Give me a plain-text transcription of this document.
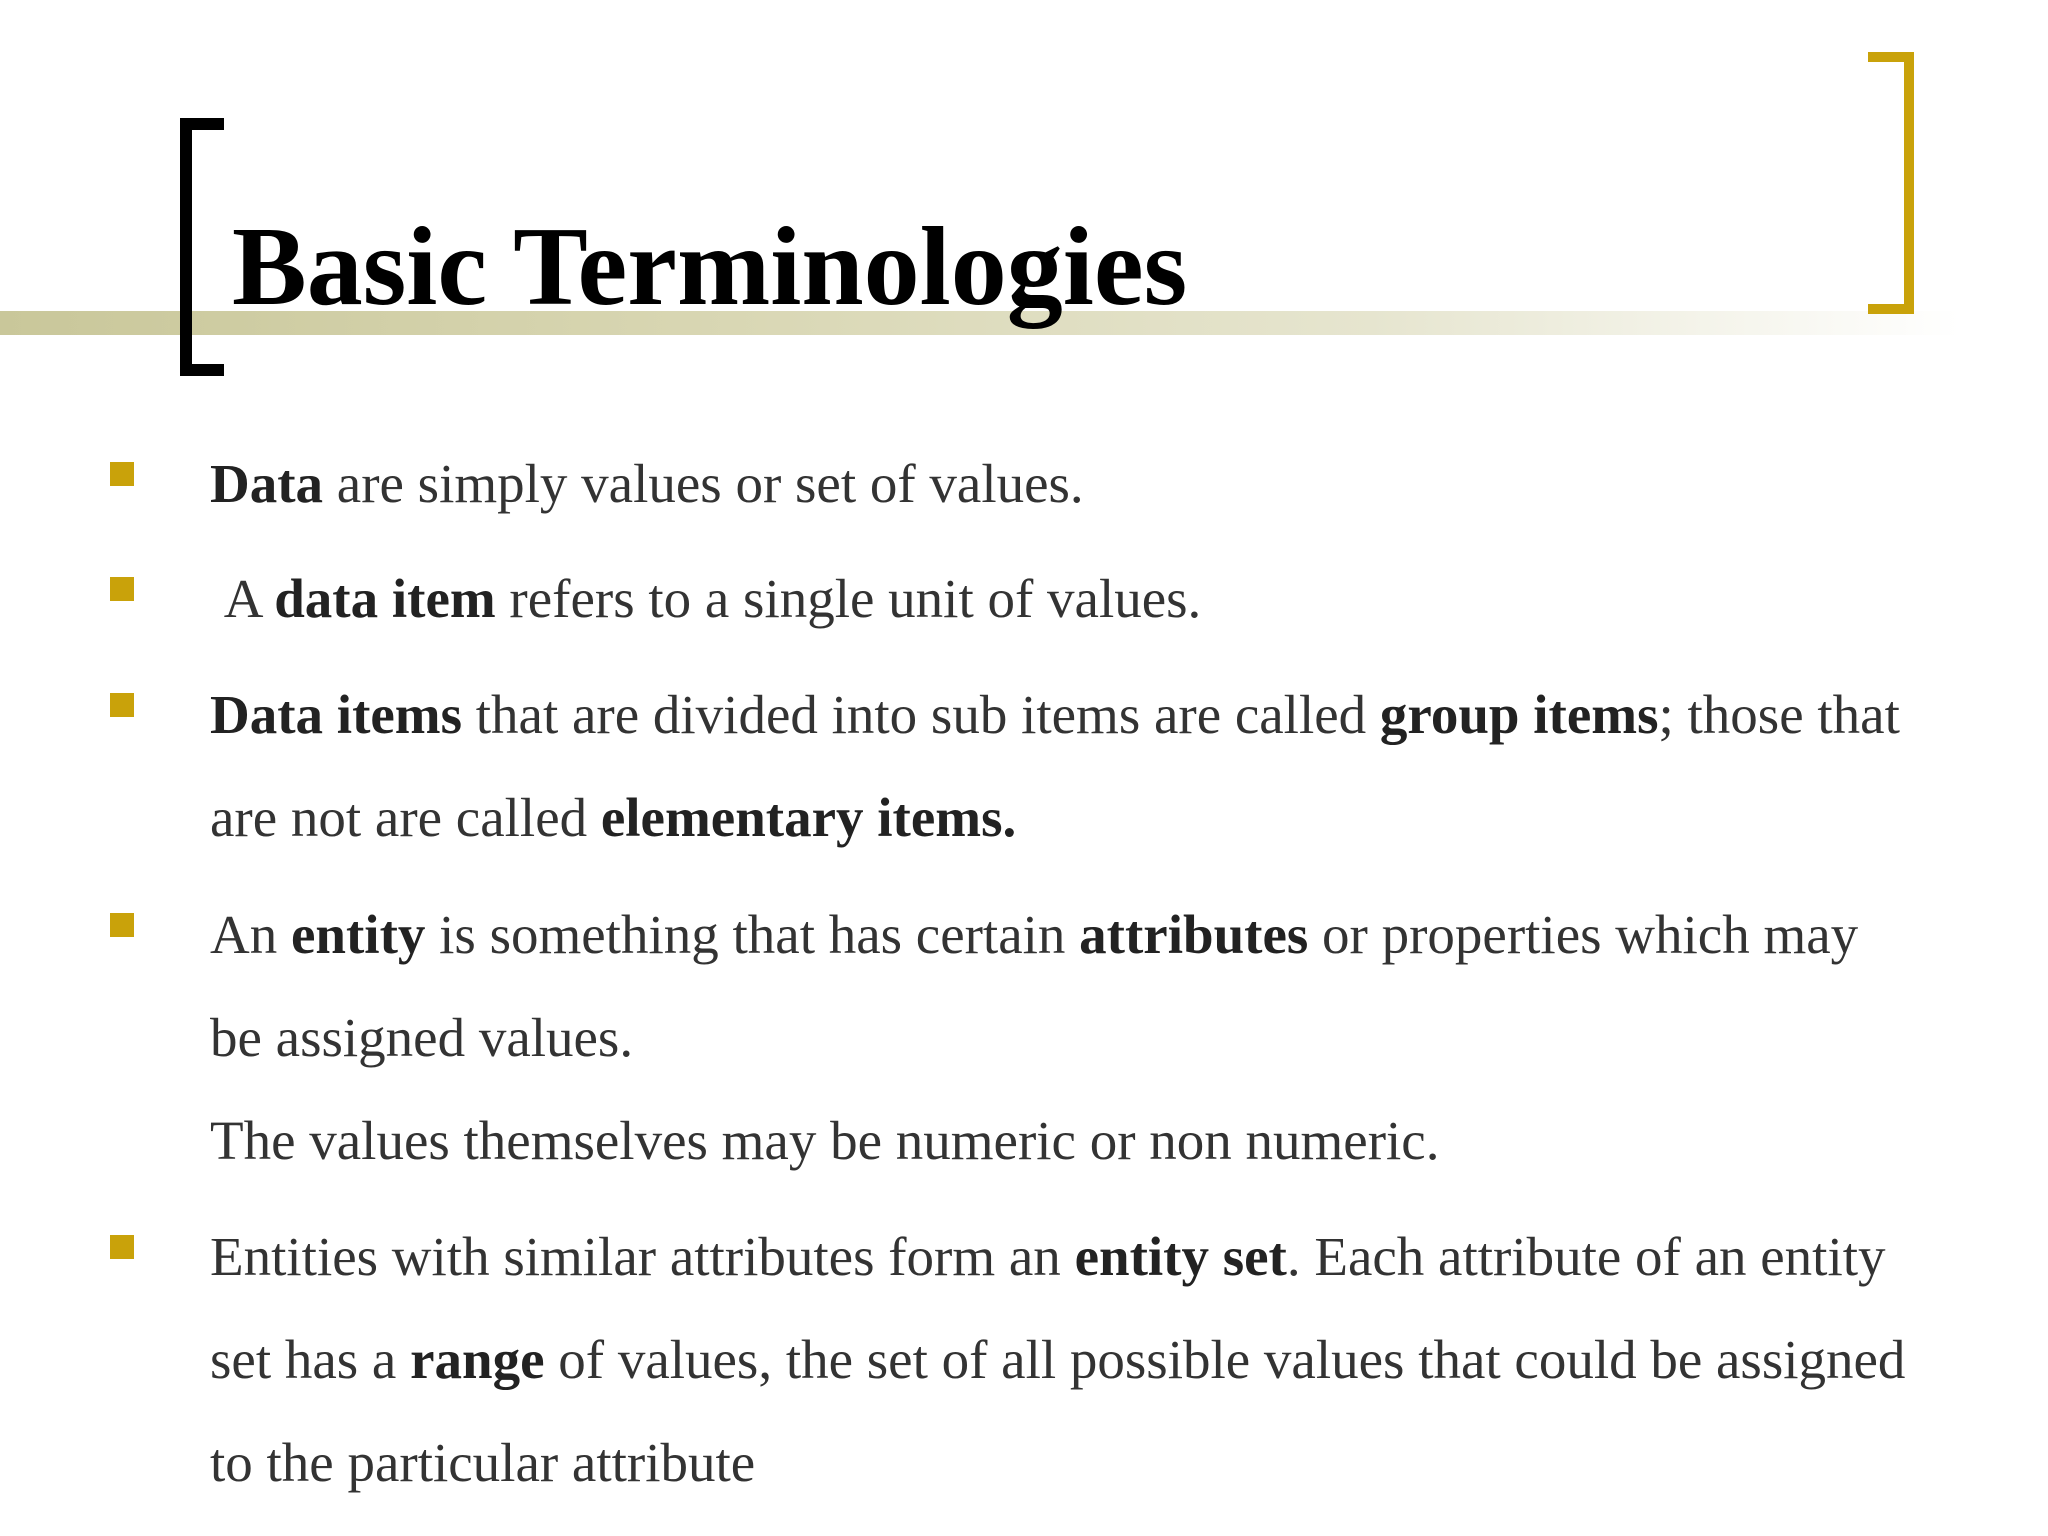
Basic Terminologies

Data are simply values or set of values.

A data item refers to a single unit of values.

Data items that are divided into sub items are called group items; those that

are not are called elementary items.

An entity is something that has certain attributes or properties which may

be assigned values.

The values themselves may be numeric or non numeric.

Entities with similar attributes form an entity set. Each attribute of an entity

set has a range of values, the set of all possible values that could be assigned

to the particular attribute
